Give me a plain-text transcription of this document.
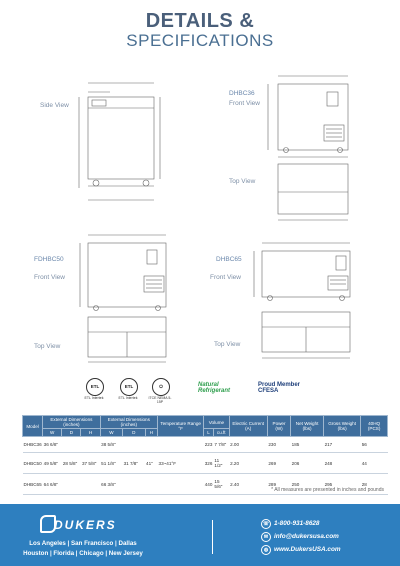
DETAILS &
SPECIFICATIONS
Side View
DHBC36
Front View
Top View
FDHBC50
Front View
Top View
DHBC65
Front View
Top View
ETL
ETL Intertek
ETL
ETL Intertek
⏻
ITCE NEMA 5-15P
Natural Refrigerant
Proud Member CFESA
Model	External Dimensions (inches)			External Dimensions (inches)			Temperature Range °F	Volume		Electric Current (A)	Power (W)	Net Weight (lbs)	Gross Weight (lbs)	40HQ (PCS)
	W	D	H	W	D	H		L	cu.ft					
DHBC36	36 6/8"			38 5/8"				223	7 7/8"	2.00	230	185	217	56
DHBC50	49 5/8"	28 5/8"	37 5/8"	51 1/8"	31 7/8"	41"	33~41°F	326	11 1/2"	2.20	269	206	248	44
DHBC65	64 6/8"			66 3/8"				440	15 5/6"	2.40	289	250	295	28
* All measures are presented in inches and pounds
DUKERS
Los Angeles | San Francisco | Dallas
Houston | Florida | Chicago | New Jersey
☏ 1-800-931-8628
✉ info@dukersusa.com
◍ www.DukersUSA.com
